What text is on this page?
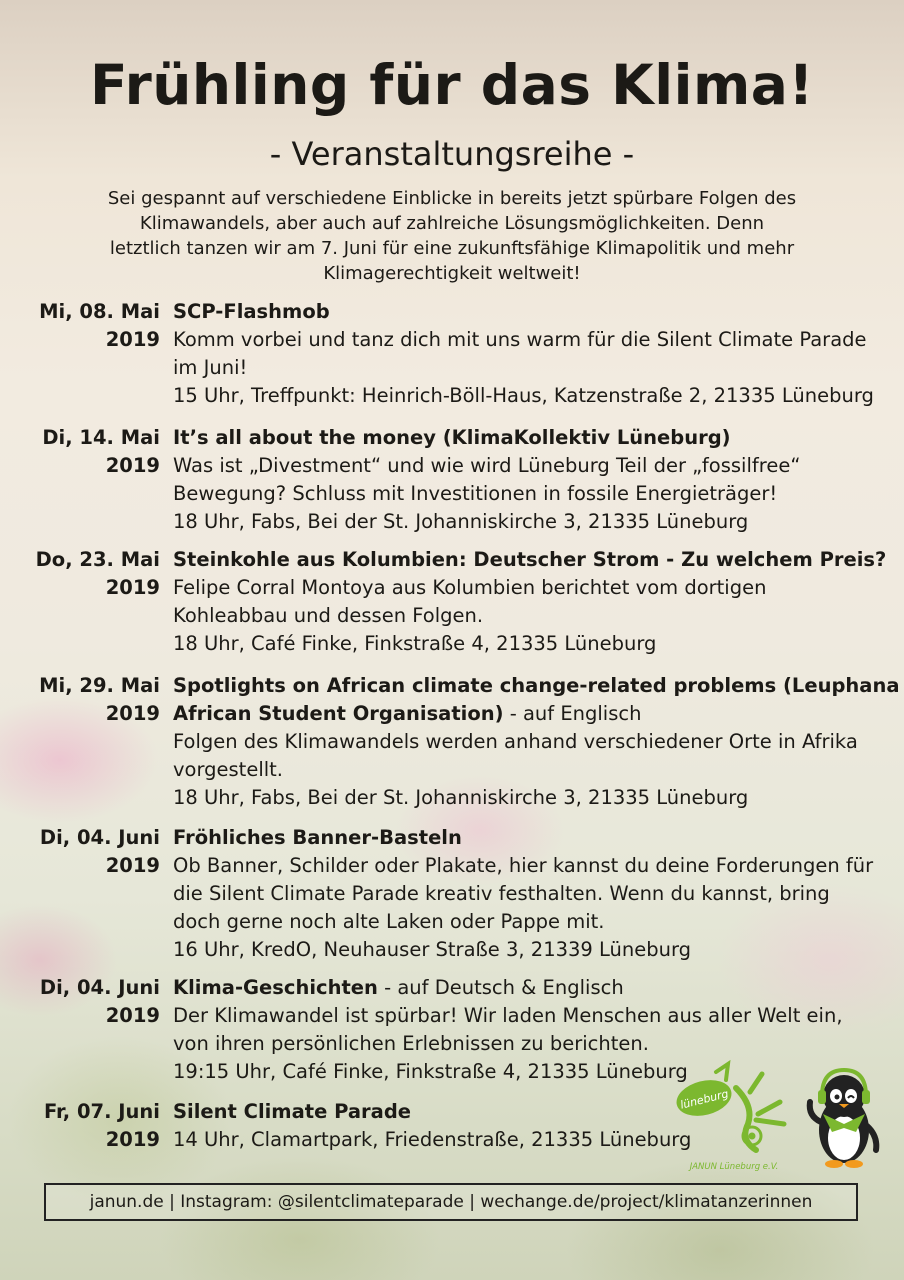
Frühling für das Klima!
- Veranstaltungsreihe -
Sei gespannt auf verschiedene Einblicke in bereits jetzt spürbare Folgen des
Klimawandels, aber auch auf zahlreiche Lösungsmöglichkeiten. Denn
letztlich tanzen wir am 7. Juni für eine zukunftsfähige Klimapolitik und mehr
Klimagerechtigkeit weltweit!
Mi, 08. Mai
2019
SCP-Flashmob
Komm vorbei und tanz dich mit uns warm für die Silent Climate Parade
im Juni!
15 Uhr, Treffpunkt: Heinrich-Böll-Haus, Katzenstraße 2, 21335 Lüneburg
Di, 14. Mai
2019
It’s all about the money (KlimaKollektiv Lüneburg)
Was ist „Divestment“ und wie wird Lüneburg Teil der „fossilfree“
Bewegung? Schluss mit Investitionen in fossile Energieträger!
18 Uhr, Fabs, Bei der St. Johanniskirche 3, 21335 Lüneburg
Do, 23. Mai
2019
Steinkohle aus Kolumbien: Deutscher Strom - Zu welchem Preis?
Felipe Corral Montoya aus Kolumbien berichtet vom dortigen
Kohleabbau und dessen Folgen.
18 Uhr, Café Finke, Finkstraße 4, 21335 Lüneburg
Mi, 29. Mai
2019
Spotlights on African climate change-related problems (Leuphana
African Student Organisation) - auf Englisch
Folgen des Klimawandels werden anhand verschiedener Orte in Afrika
vorgestellt.
18 Uhr, Fabs, Bei der St. Johanniskirche 3, 21335 Lüneburg
Di, 04. Juni
2019
Fröhliches Banner-Basteln
Ob Banner, Schilder oder Plakate, hier kannst du deine Forderungen für
die Silent Climate Parade kreativ festhalten. Wenn du kannst, bring
doch gerne noch alte Laken oder Pappe mit.
16 Uhr, KredO, Neuhauser Straße 3, 21339 Lüneburg
Di, 04. Juni
2019
Klima-Geschichten - auf Deutsch & Englisch
Der Klimawandel ist spürbar! Wir laden Menschen aus aller Welt ein,
von ihren persönlichen Erlebnissen zu berichten.
19:15 Uhr, Café Finke, Finkstraße 4, 21335 Lüneburg
Fr, 07. Juni
2019
Silent Climate Parade
14 Uhr, Clamartpark, Friedenstraße, 21335 Lüneburg
lüneburg
JANUN Lüneburg e.V.
janun.de | Instagram: @silentclimateparade | wechange.de/project/klimatanzerinnen
